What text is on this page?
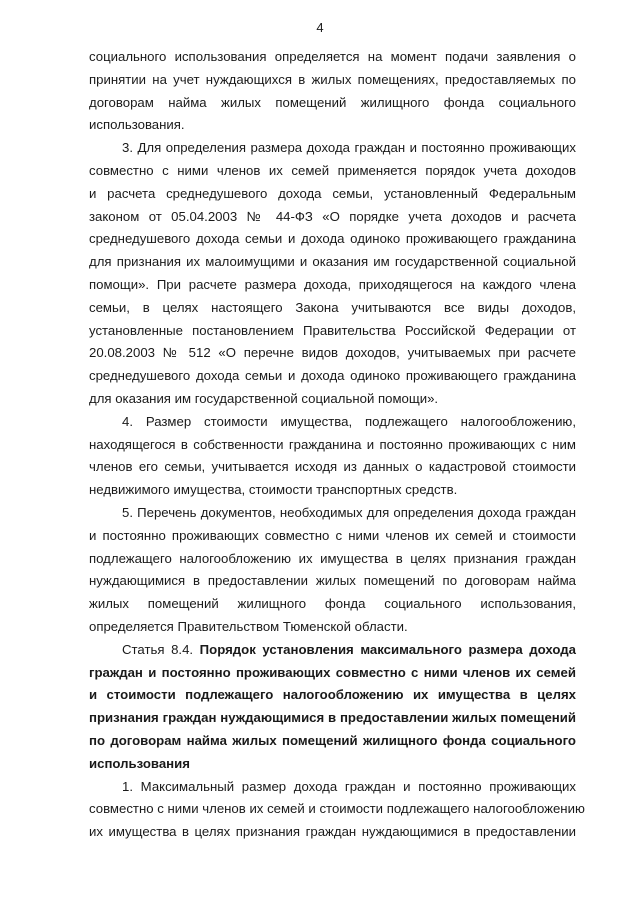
4
социального использования определяется на момент подачи заявления о
принятии на учет нуждающихся в жилых помещениях, предоставляемых по
договорам найма жилых помещений жилищного фонда социального
использования.
3. Для определения размера дохода граждан и постоянно проживающих
совместно с ними членов их семей применяется порядок учета доходов
и расчета среднедушевого дохода семьи, установленный Федеральным
законом от 05.04.2003 № 44-ФЗ «О порядке учета доходов и расчета
среднедушевого дохода семьи и дохода одиноко проживающего гражданина
для признания их малоимущими и оказания им государственной социальной
помощи». При расчете размера дохода, приходящегося на каждого члена
семьи, в целях настоящего Закона учитываются все виды доходов,
установленные постановлением Правительства Российской Федерации от
20.08.2003 № 512 «О перечне видов доходов, учитываемых при расчете
среднедушевого дохода семьи и дохода одиноко проживающего гражданина
для оказания им государственной социальной помощи».
4. Размер стоимости имущества, подлежащего налогообложению,
находящегося в собственности гражданина и постоянно проживающих с ним
членов его семьи, учитывается исходя из данных о кадастровой стоимости
недвижимого имущества, стоимости транспортных средств.
5. Перечень документов, необходимых для определения дохода граждан
и постоянно проживающих совместно с ними членов их семей и стоимости
подлежащего налогообложению их имущества в целях признания граждан
нуждающимися в предоставлении жилых помещений по договорам найма
жилых помещений жилищного фонда социального использования,
определяется Правительством Тюменской области.
Статья 8.4. Порядок установления максимального размера дохода
граждан и постоянно проживающих совместно с ними членов их семей
и стоимости подлежащего налогообложению их имущества в целях
признания граждан нуждающимися в предоставлении жилых помещений
по договорам найма жилых помещений жилищного фонда социального
использования
1. Максимальный размер дохода граждан и постоянно проживающих
совместно с ними членов их семей и стоимости подлежащего налогообложению
их имущества в целях признания граждан нуждающимися в предоставлении
